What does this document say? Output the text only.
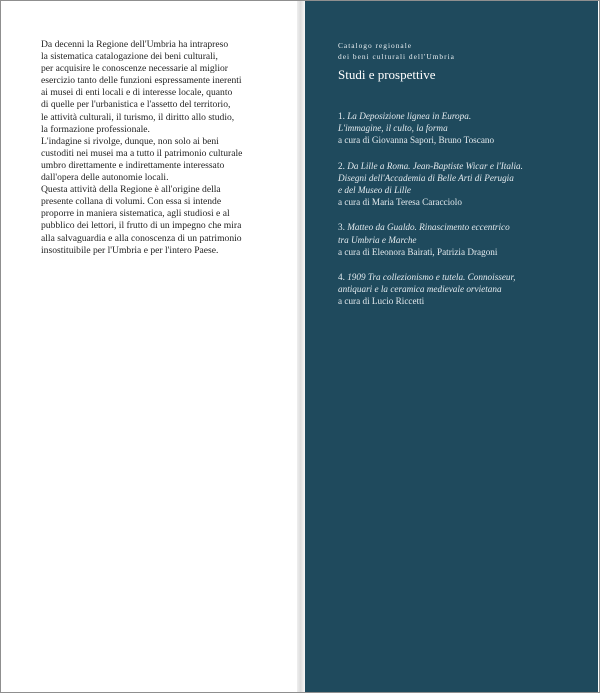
Da decenni la Regione dell'Umbria ha intrapreso
la sistematica catalogazione dei beni culturali,
per acquisire le conoscenze necessarie al miglior
esercizio tanto delle funzioni espressamente inerenti
ai musei di enti locali e di interesse locale, quanto
di quelle per l'urbanistica e l'assetto del territorio,
le attività culturali, il turismo, il diritto allo studio,
la formazione professionale.
L'indagine si rivolge, dunque, non solo ai beni
custoditi nei musei ma a tutto il patrimonio culturale
umbro direttamente e indirettamente interessato
dall'opera delle autonomie locali.
Questa attività della Regione è all'origine della
presente collana di volumi. Con essa si intende
proporre in maniera sistematica, agli studiosi e al
pubblico dei lettori, il frutto di un impegno che mira
alla salvaguardia e alla conoscenza di un patrimonio
insostituibile per l'Umbria e per l'intero Paese.

Catalogo regionale
dei beni culturali dell'Umbria

Studi e prospettive
1. La Deposizione lignea in Europa.
L'immagine, il culto, la forma
a cura di Giovanna Sapori, Bruno Toscano
2. Da Lille a Roma. Jean-Baptiste Wicar e l'Italia.
Disegni dell'Accademia di Belle Arti di Perugia
e del Museo di Lille
a cura di Maria Teresa Caracciolo
3. Matteo da Gualdo. Rinascimento eccentrico
tra Umbria e Marche
a cura di Eleonora Bairati, Patrizia Dragoni
4. 1909 Tra collezionismo e tutela. Connoisseur,
antiquari e la ceramica medievale orvietana
a cura di Lucio Riccetti
